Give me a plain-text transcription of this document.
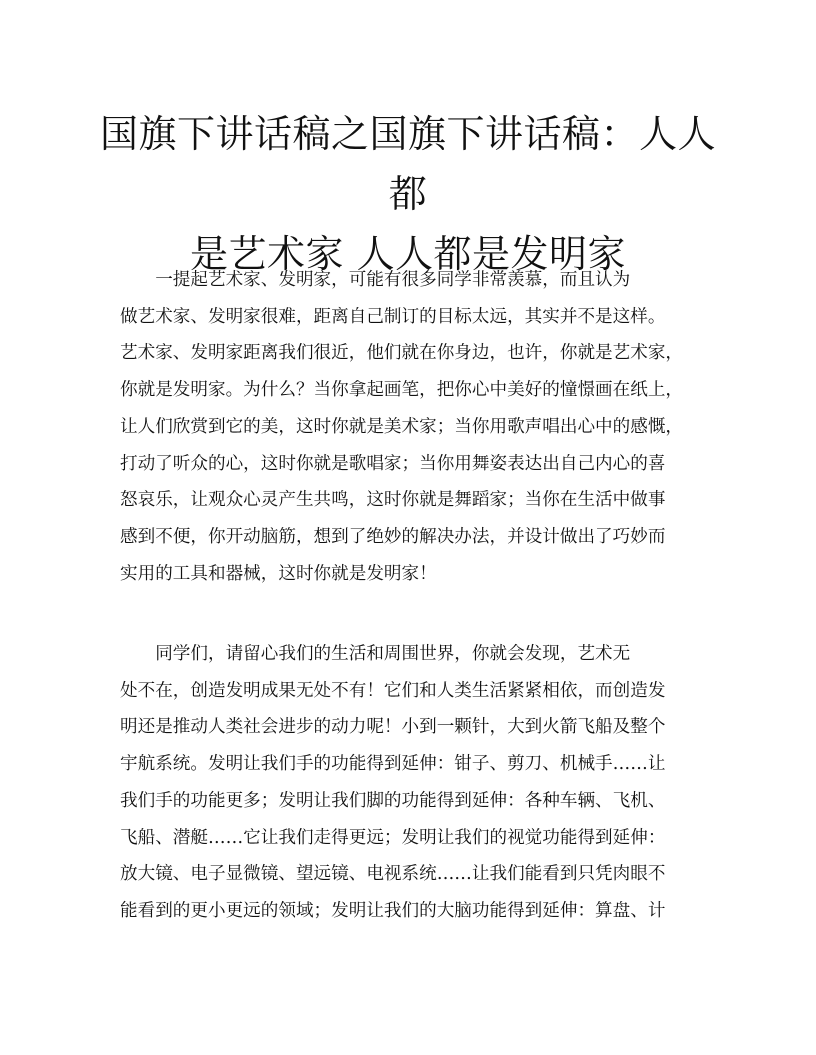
国旗下讲话稿之国旗下讲话稿：人人都
是艺术家 人人都是发明家
　　一提起艺术家、发明家，可能有很多同学非常羡慕，而且认为
做艺术家、发明家很难，距离自己制订的目标太远，其实并不是这样。
艺术家、发明家距离我们很近，他们就在你身边，也许，你就是艺术家，
你就是发明家。为什么？当你拿起画笔，把你心中美好的憧憬画在纸上，
让人们欣赏到它的美，这时你就是美术家；当你用歌声唱出心中的感慨，
打动了听众的心，这时你就是歌唱家；当你用舞姿表达出自己内心的喜
怒哀乐，让观众心灵产生共鸣，这时你就是舞蹈家；当你在生活中做事
感到不便，你开动脑筋，想到了绝妙的解决办法，并设计做出了巧妙而
实用的工具和器械，这时你就是发明家！
　　同学们，请留心我们的生活和周围世界，你就会发现，艺术无
处不在，创造发明成果无处不有！它们和人类生活紧紧相依，而创造发
明还是推动人类社会进步的动力呢！小到一颗针，大到火箭飞船及整个
宇航系统。发明让我们手的功能得到延伸：钳子、剪刀、机械手……让
我们手的功能更多；发明让我们脚的功能得到延伸：各种车辆、飞机、
飞船、潜艇……它让我们走得更远；发明让我们的视觉功能得到延伸：
放大镜、电子显微镜、望远镜、电视系统……让我们能看到只凭肉眼不
能看到的更小更远的领域；发明让我们的大脑功能得到延伸：算盘、计
